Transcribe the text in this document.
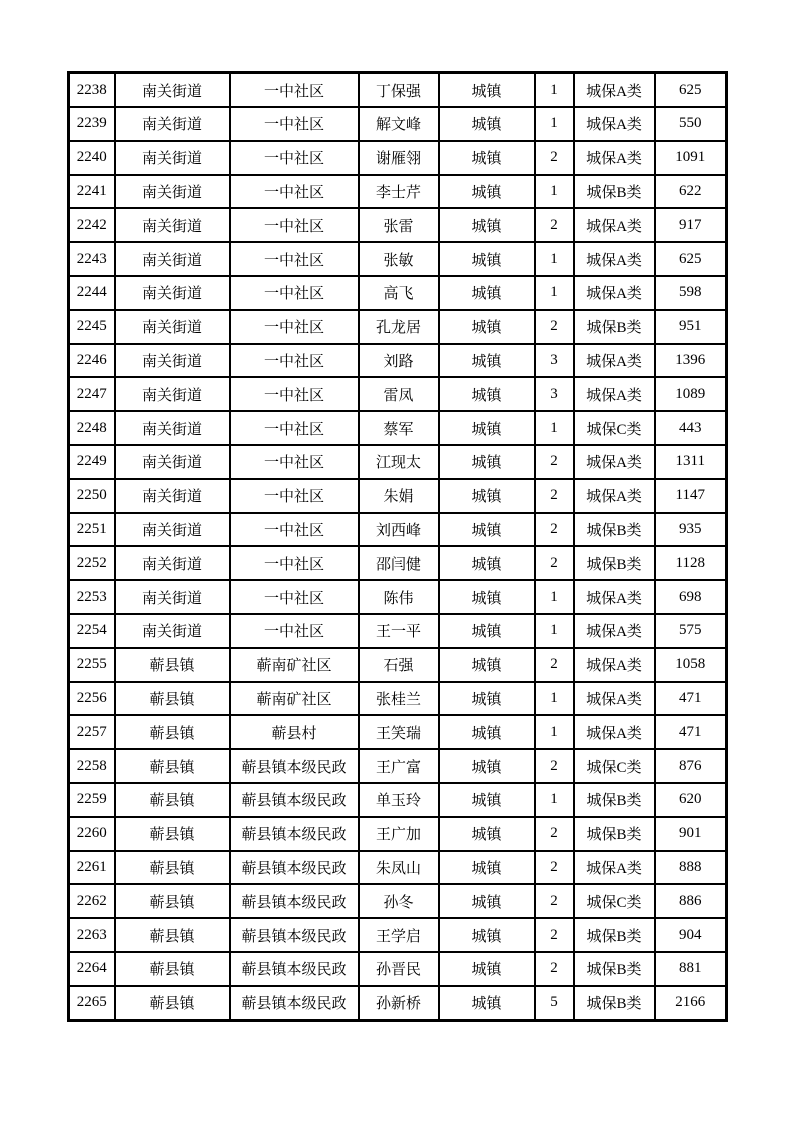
2238	南关街道	一中社区	丁保强	城镇	1	城保A类	625
2239	南关街道	一中社区	解文峰	城镇	1	城保A类	550
2240	南关街道	一中社区	谢雁翎	城镇	2	城保A类	1091
2241	南关街道	一中社区	李士芹	城镇	1	城保B类	622
2242	南关街道	一中社区	张雷	城镇	2	城保A类	917
2243	南关街道	一中社区	张敏	城镇	1	城保A类	625
2244	南关街道	一中社区	高飞	城镇	1	城保A类	598
2245	南关街道	一中社区	孔龙居	城镇	2	城保B类	951
2246	南关街道	一中社区	刘路	城镇	3	城保A类	1396
2247	南关街道	一中社区	雷凤	城镇	3	城保A类	1089
2248	南关街道	一中社区	蔡军	城镇	1	城保C类	443
2249	南关街道	一中社区	江现太	城镇	2	城保A类	1311
2250	南关街道	一中社区	朱娟	城镇	2	城保A类	1147
2251	南关街道	一中社区	刘西峰	城镇	2	城保B类	935
2252	南关街道	一中社区	邵闫健	城镇	2	城保B类	1128
2253	南关街道	一中社区	陈伟	城镇	1	城保A类	698
2254	南关街道	一中社区	王一平	城镇	1	城保A类	575
2255	蕲县镇	蕲南矿社区	石强	城镇	2	城保A类	1058
2256	蕲县镇	蕲南矿社区	张桂兰	城镇	1	城保A类	471
2257	蕲县镇	蕲县村	王笑瑞	城镇	1	城保A类	471
2258	蕲县镇	蕲县镇本级民政	王广富	城镇	2	城保C类	876
2259	蕲县镇	蕲县镇本级民政	单玉玲	城镇	1	城保B类	620
2260	蕲县镇	蕲县镇本级民政	王广加	城镇	2	城保B类	901
2261	蕲县镇	蕲县镇本级民政	朱凤山	城镇	2	城保A类	888
2262	蕲县镇	蕲县镇本级民政	孙冬	城镇	2	城保C类	886
2263	蕲县镇	蕲县镇本级民政	王学启	城镇	2	城保B类	904
2264	蕲县镇	蕲县镇本级民政	孙晋民	城镇	2	城保B类	881
2265	蕲县镇	蕲县镇本级民政	孙新桥	城镇	5	城保B类	2166
